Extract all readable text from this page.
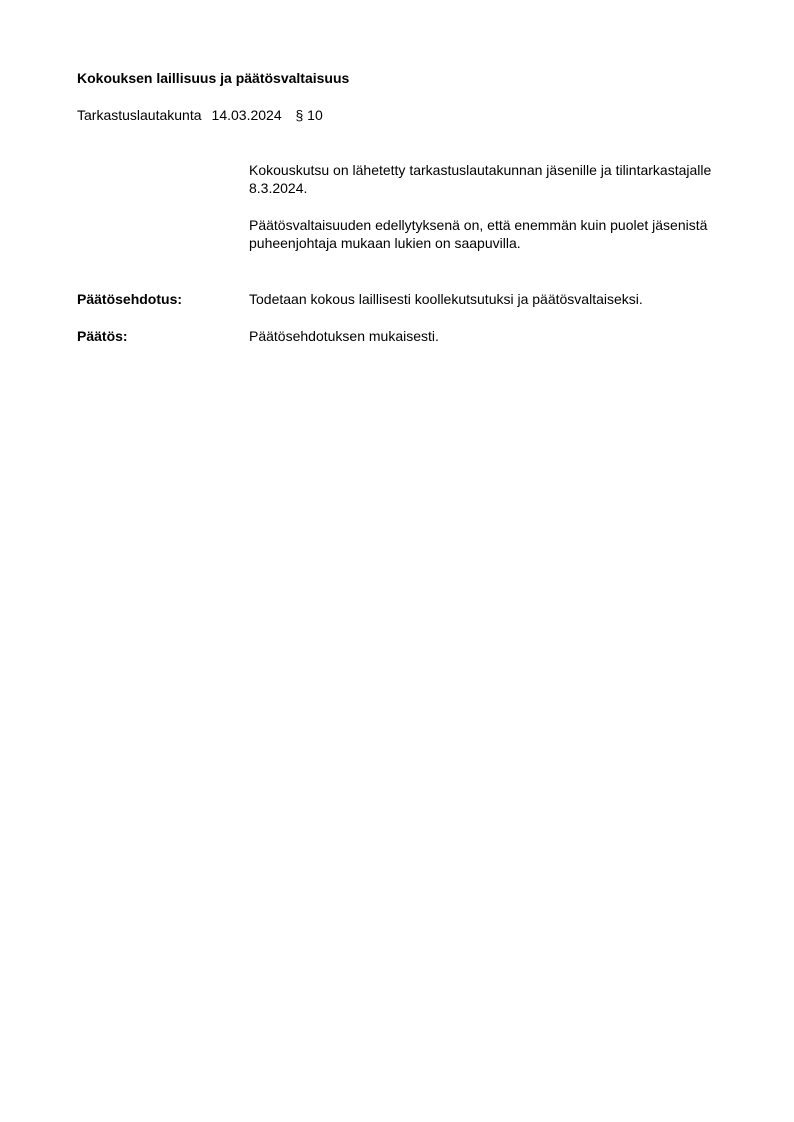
Kokouksen laillisuus ja päätösvaltaisuus
Tarkastuslautakunta 14.03.2024 § 10
Kokouskutsu on lähetetty tarkastuslautakunnan jäsenille ja tilintarkastajalle 8.3.2024.
Päätösvaltaisuuden edellytyksenä on, että enemmän kuin puolet jäsenistä puheenjohtaja mukaan lukien on saapuvilla.
Päätösehdotus:	Todetaan kokous laillisesti koollekutsutuksi ja päätösvaltaiseksi.
Päätös:	Päätösehdotuksen mukaisesti.
